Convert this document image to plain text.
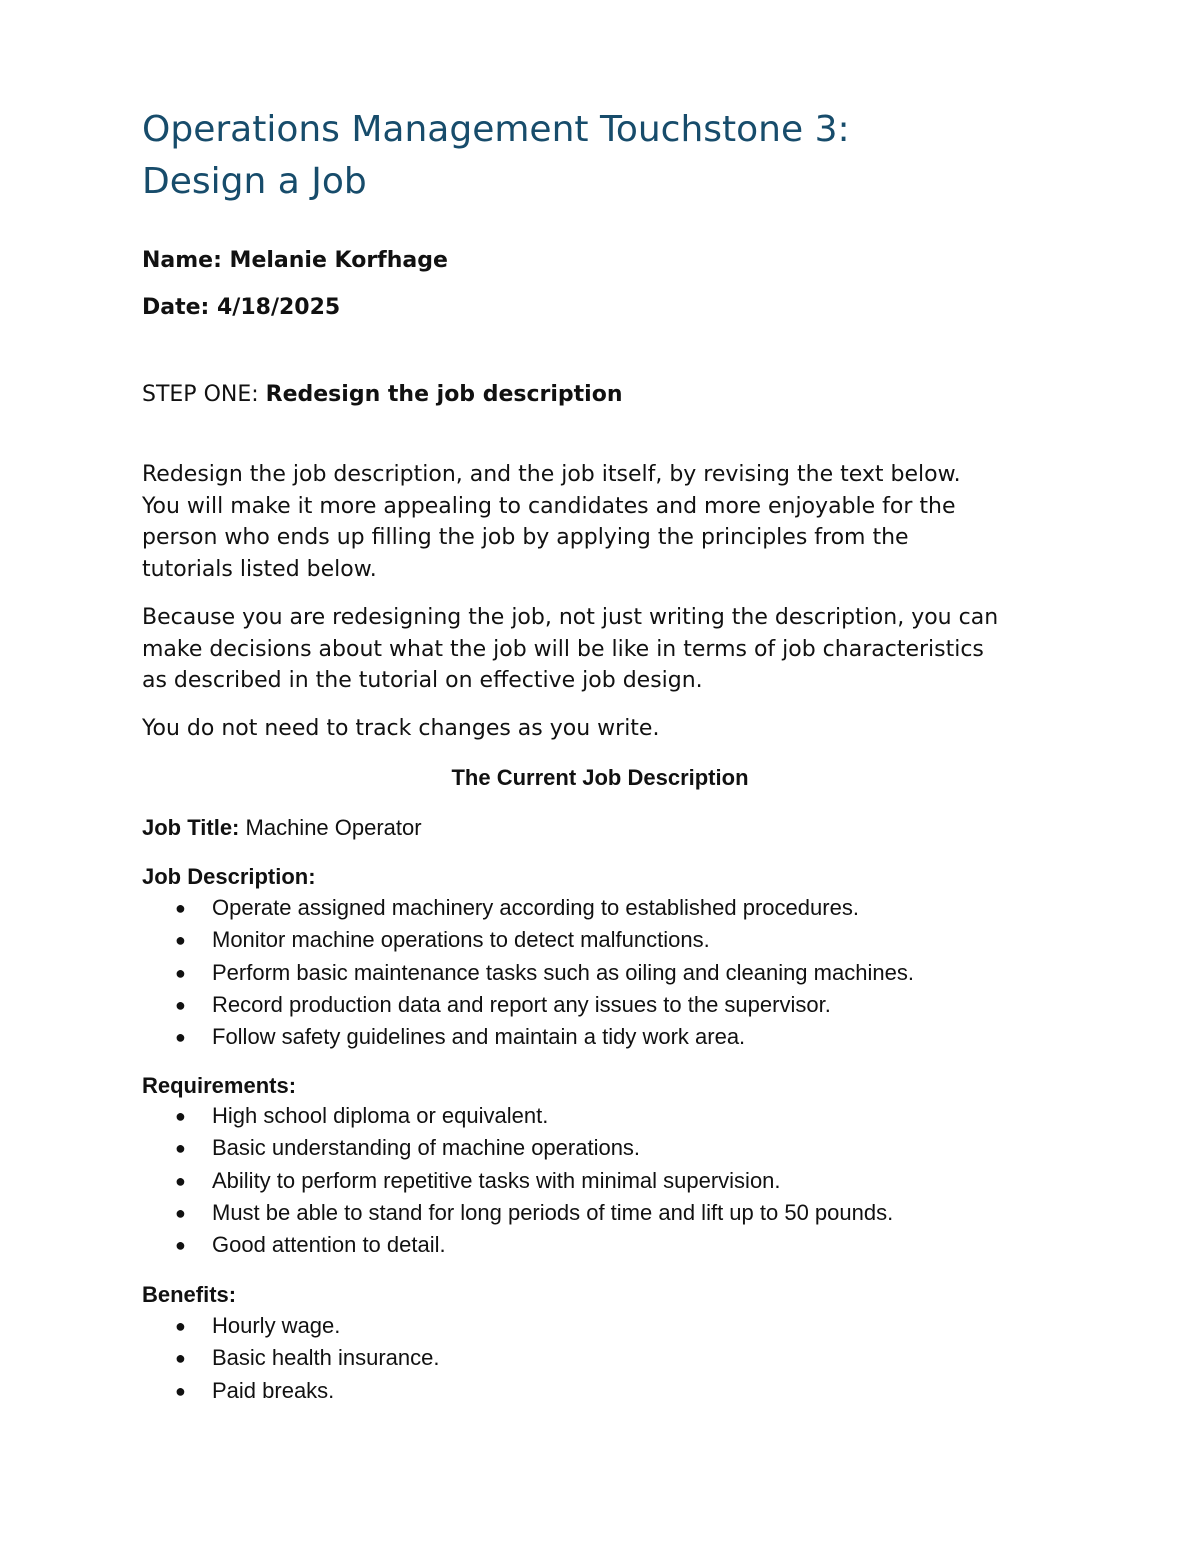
Operations Management Touchstone 3:
Design a Job
Name: Melanie Korfhage
Date: 4/18/2025
STEP ONE: Redesign the job description
Redesign the job description, and the job itself, by revising the text below.
You will make it more appealing to candidates and more enjoyable for the
person who ends up filling the job by applying the principles from the
tutorials listed below.
Because you are redesigning the job, not just writing the description, you can
make decisions about what the job will be like in terms of job characteristics
as described in the tutorial on effective job design.
You do not need to track changes as you write.
The Current Job Description
Job Title: Machine Operator
Job Description:
● Operate assigned machinery according to established procedures.
● Monitor machine operations to detect malfunctions.
● Perform basic maintenance tasks such as oiling and cleaning machines.
● Record production data and report any issues to the supervisor.
● Follow safety guidelines and maintain a tidy work area.
Requirements:
● High school diploma or equivalent.
● Basic understanding of machine operations.
● Ability to perform repetitive tasks with minimal supervision.
● Must be able to stand for long periods of time and lift up to 50 pounds.
● Good attention to detail.
Benefits:
● Hourly wage.
● Basic health insurance.
● Paid breaks.
